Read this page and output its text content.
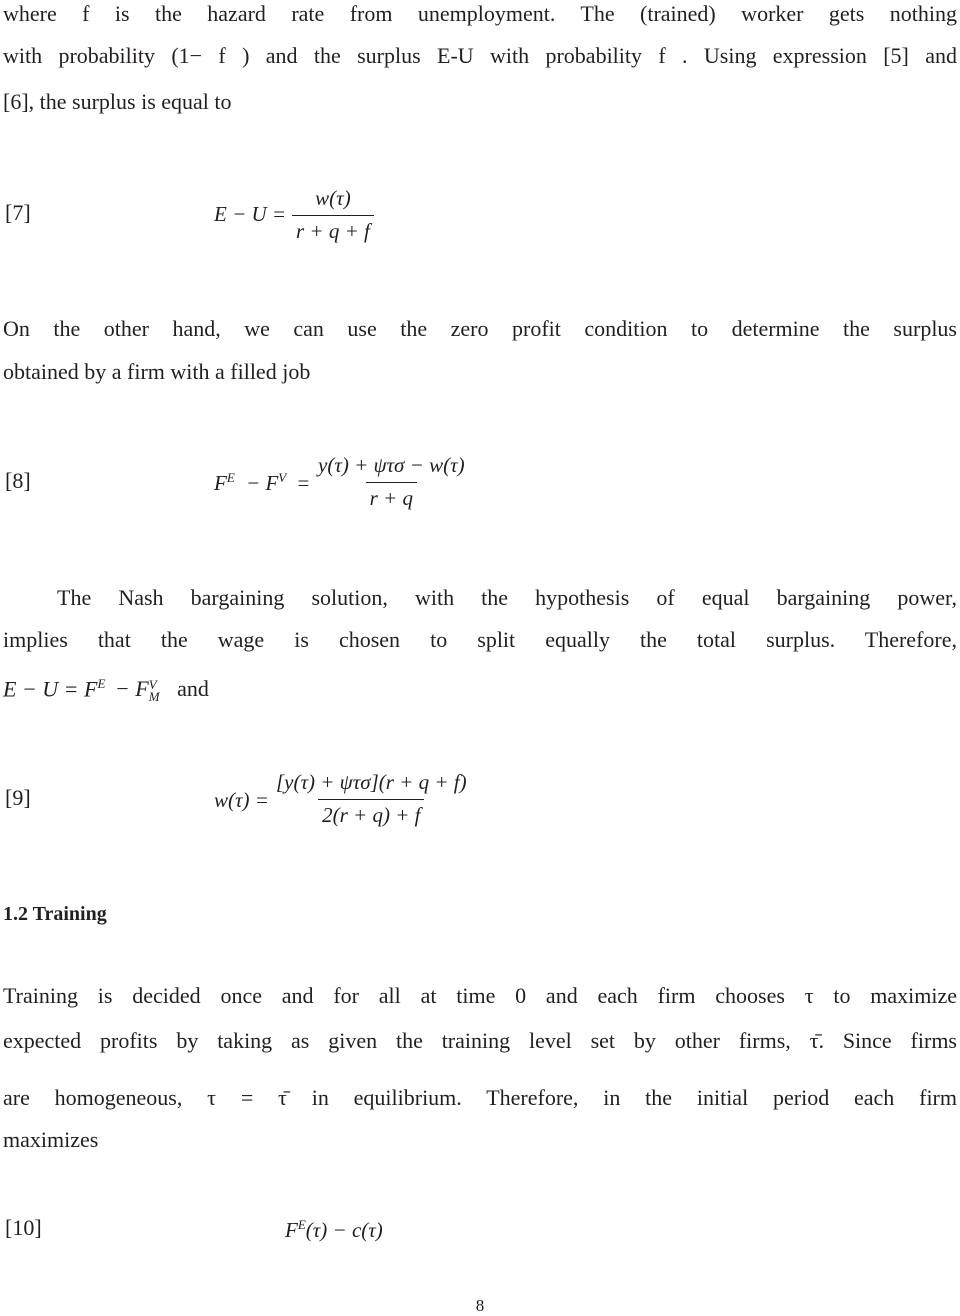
where f is the hazard rate from unemployment. The (trained) worker gets nothing
with probability (1− f ) and the surplus E-U with probability f . Using expression [5] and
[6], the surplus is equal to
[7]	$E - U = \frac{w(\tau)}{r + q + f}$
On the other hand, we can use the zero profit condition to determine the surplus
obtained by a firm with a filled job
[8]	$F^E - F^V$ =
y(τ) + ψτσ − w(τ)
r + q
The Nash bargaining solution, with the hypothesis of equal bargaining power,
implies that the wage is chosen to split equally the total surplus. Therefore,
$E - U = F^E - F$ V
M and
[9]	w(τ) =
[y(τ) + ψτσ](r + q + f)
2(r + q) + f
1.2 Training
Training is decided once and for all at time 0 and each firm chooses τ to maximize
expected profits by taking as given the training level set by other firms, τ̄. Since firms
are homogeneous, τ = τ̄ in equilibrium. Therefore, in the initial period each firm
maximizes
[10]	$F^E(\tau) - c(\tau)$
8
